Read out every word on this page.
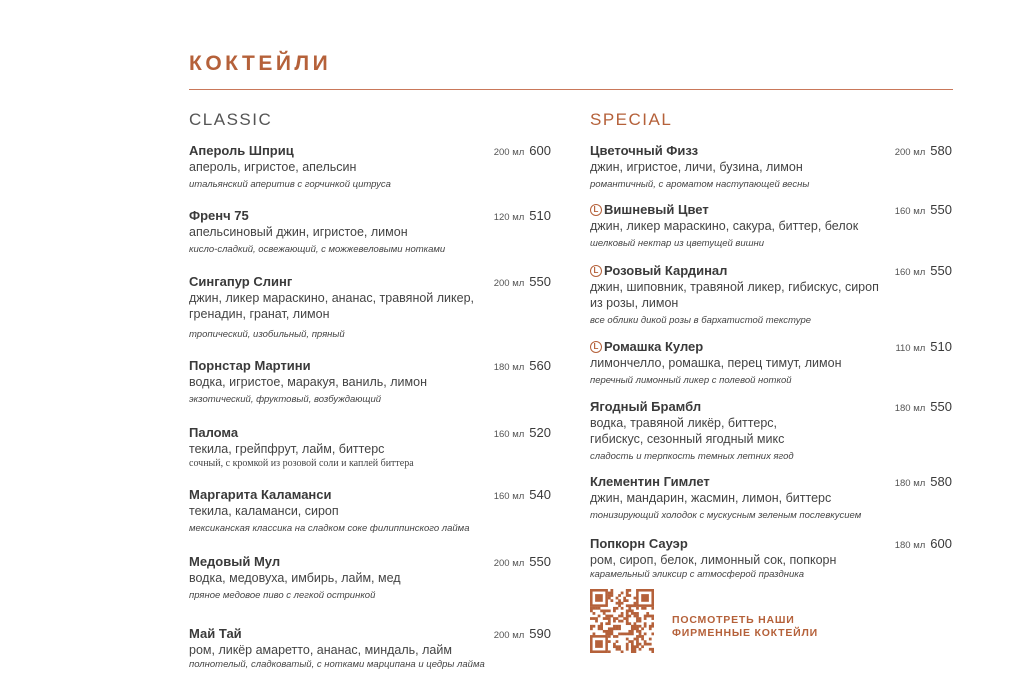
КОКТЕЙЛИ
CLASSIC
Апероль Шприц	200 мл 600
апероль, игристое, апельсин
итальянский аперитив с горчинкой цитруса
Френч 75	120 мл 510
апельсиновый джин, игристое, лимон
кисло-сладкий, освежающий, с можжевеловыми нотками
Сингапур Слинг	200 мл 550
джин, ликер мараскино, ананас, травяной ликер, гренадин, гранат, лимон
тропический, изобильный, пряный
Порнстар Мартини	180 мл 560
водка, игристое, маракуя, ваниль, лимон
экзотический, фруктовый, возбуждающий
Палома	160 мл 520
текила, грейпфрут, лайм, биттерс
сочный, с кромкой из розовой соли и каплей биттера
Маргарита Каламанси	160 мл 540
текила, каламанси, сироп
мексиканская классика на сладком соке филиппинского лайма
Медовый Мул	200 мл 550
водка, медовуха, имбирь, лайм, мед
пряное медовое пиво с легкой остринкой
Май Тай	200 мл 590
ром, ликёр амаретто, ананас, миндаль, лайм
полнотелый, сладковатый, с нотками марципана и цедры лайма
SPECIAL
Цветочный Физз	200 мл 580
джин, игристое, личи, бузина, лимон
романтичный, с ароматом наступающей весны
L Вишневый Цвет	160 мл 550
джин, ликер мараскино, сакура, биттер, белок
шелковый нектар из цветущей вишни
L Розовый Кардинал	160 мл 550
джин, шиповник, травяной ликер, гибискус, сироп из розы, лимон
все облики дикой розы в бархатистой текстуре
L Ромашка Кулер	110 мл 510
лимончелло, ромашка, перец тимут, лимон
перечный лимонный ликер с полевой ноткой
Ягодный Брамбл	180 мл 550
водка, травяной ликёр, биттерс, гибискус, сезонный ягодный микс
сладость и терпкость темных летних ягод
Клементин Гимлет	180 мл 580
джин, мандарин, жасмин, лимон, биттерс
тонизирующий холодок с мускусным зеленым послевкусием
Попкорн Сауэр	180 мл 600
ром, сироп, белок, лимонный сок, попкорн
карамельный эликсир с атмосферой праздника
ПОСМОТРЕТЬ НАШИ ФИРМЕННЫЕ КОКТЕЙЛИ
